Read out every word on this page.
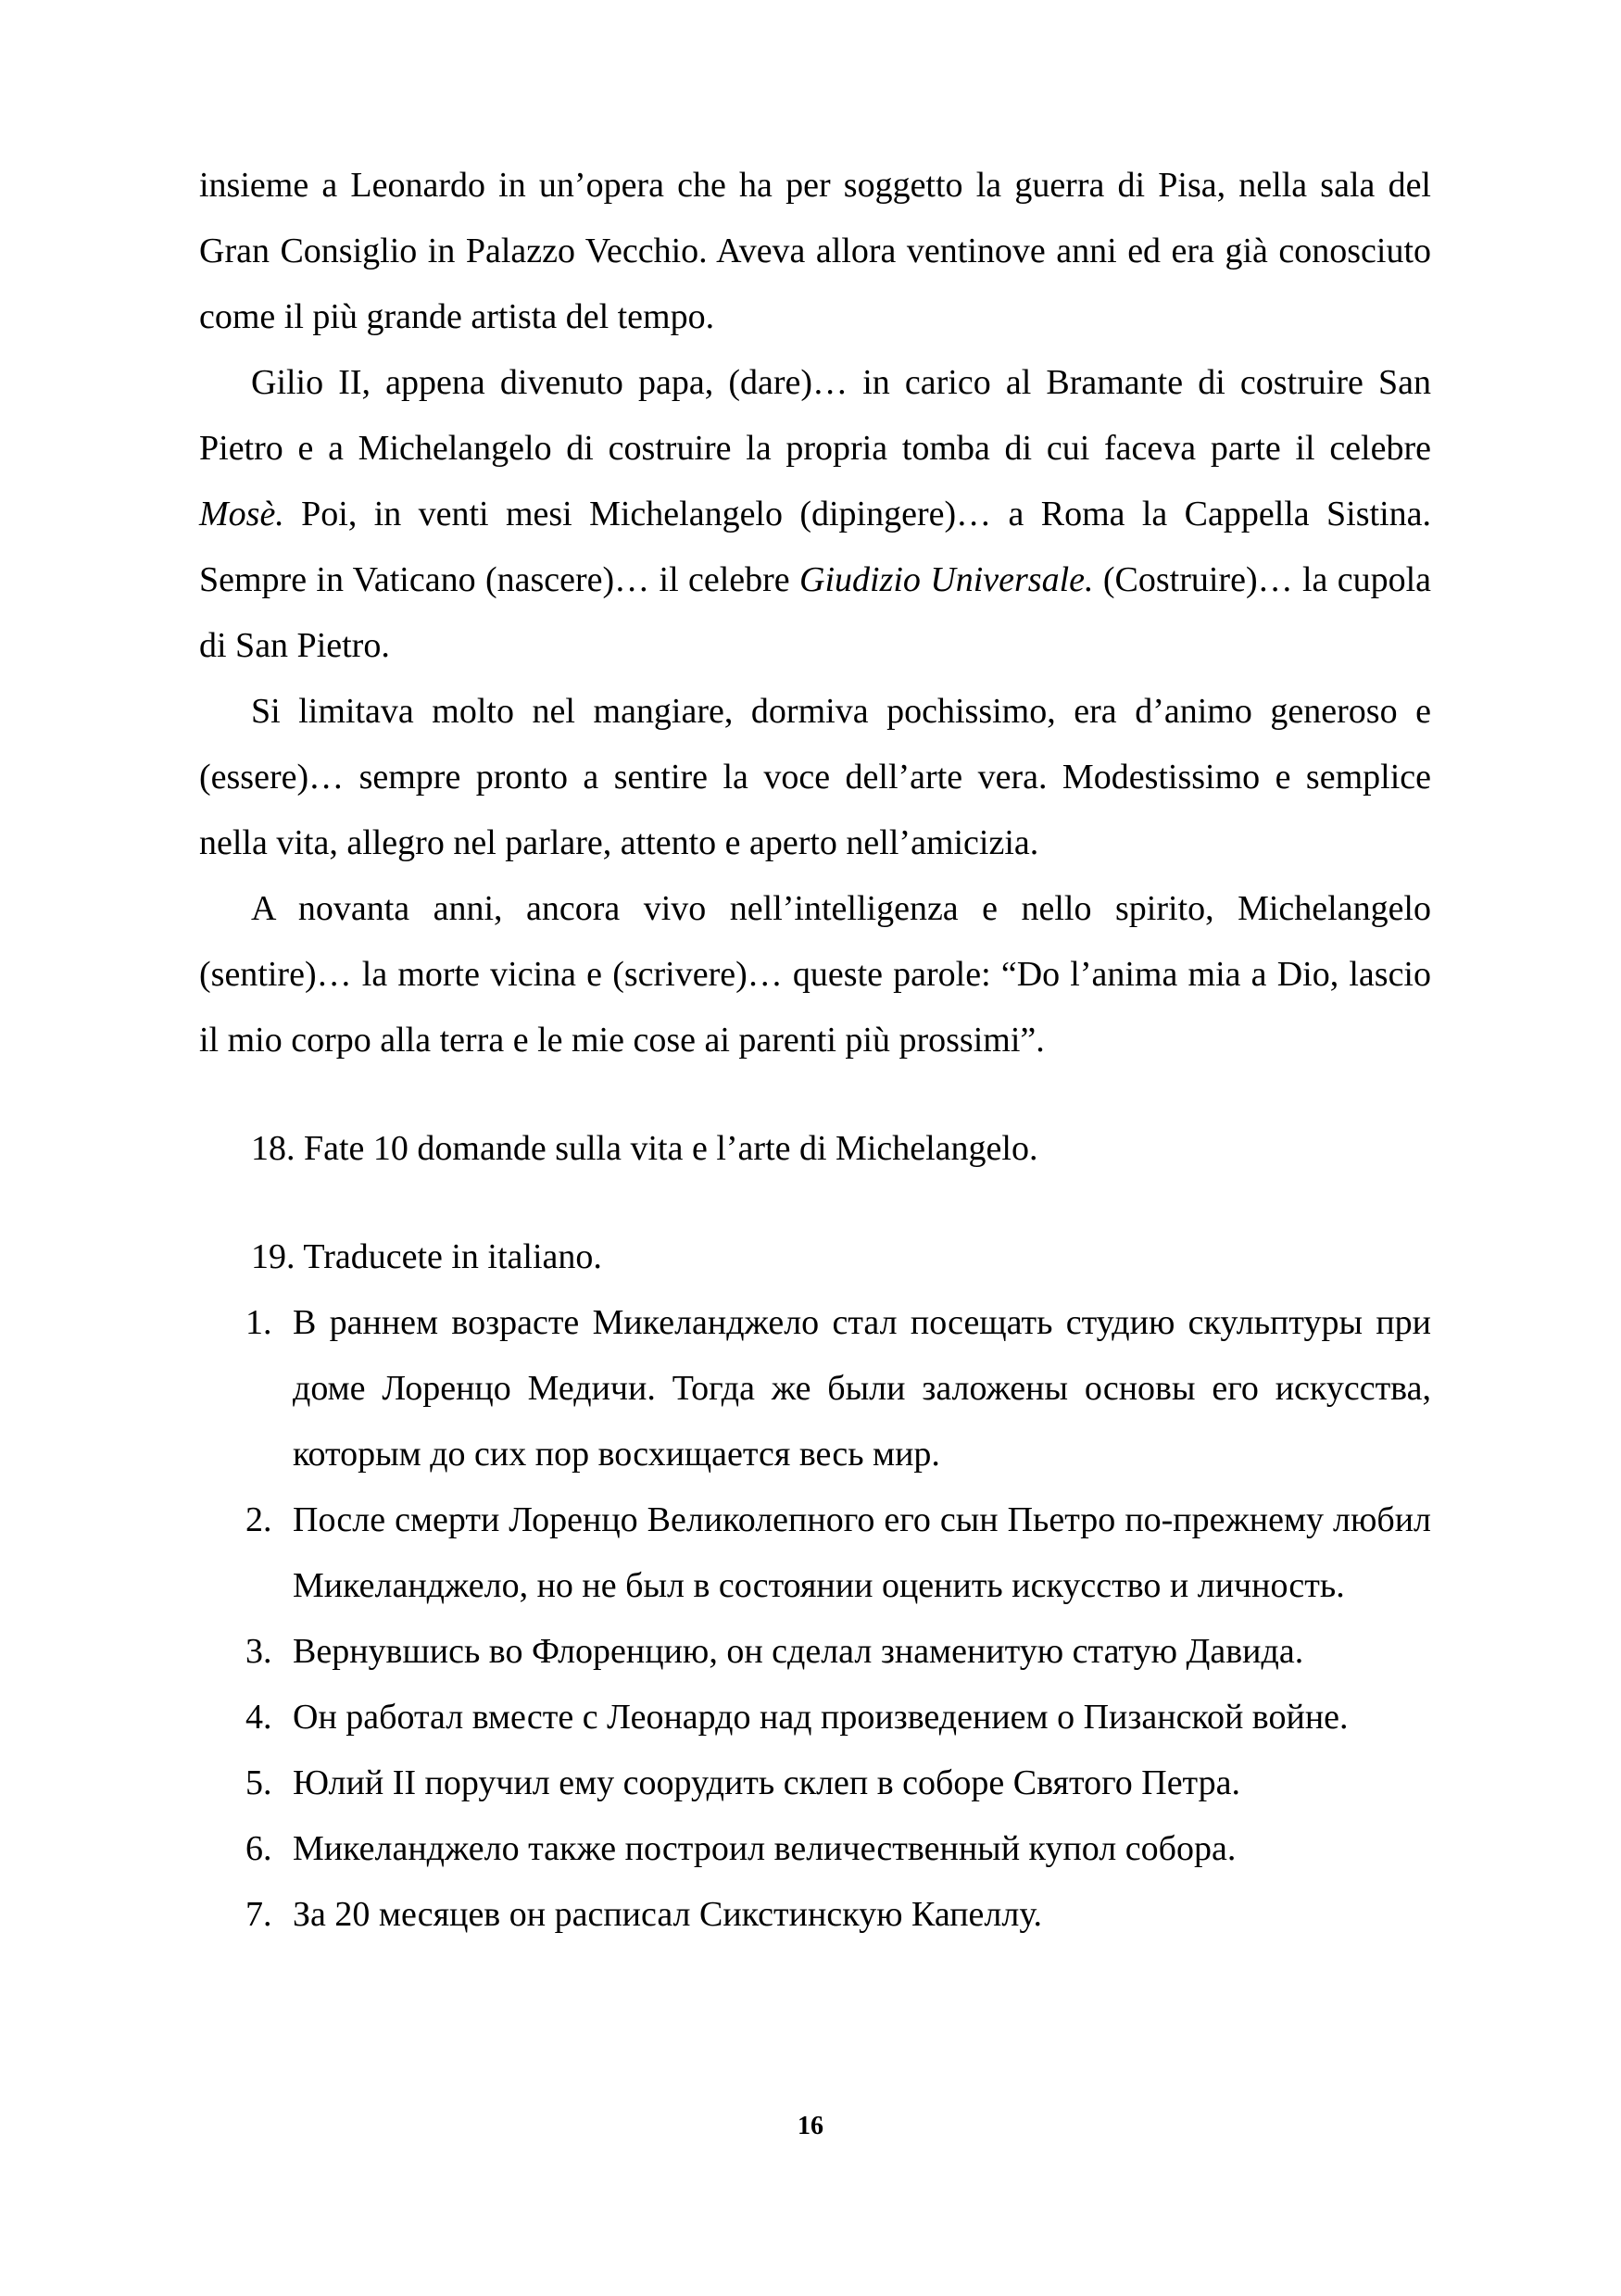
insieme a Leonardo in un’opera che ha per soggetto la guerra di Pisa, nella sala del Gran Consiglio in Palazzo Vecchio. Aveva allora ventinove anni ed era già conosciuto come il più grande artista del tempo.

Gilio II, appena divenuto papa, (dare)… in carico al Bramante di costruire San Pietro e a Michelangelo di costruire la propria tomba di cui faceva parte il celebre Mosè. Poi, in venti mesi Michelangelo (dipingere)… a Roma la Cappella Sistina. Sempre in Vaticano (nascere)… il celebre Giudizio Universale. (Costruire)… la cupola di San Pietro.

Si limitava molto nel mangiare, dormiva pochissimo, era d’animo generoso e (essere)… sempre pronto a sentire la voce dell’arte vera. Modestissimo e semplice nella vita, allegro nel parlare, attento e aperto nell’amicizia.

A novanta anni, ancora vivo nell’intelligenza e nello spirito, Michelangelo (sentire)… la morte vicina e (scrivere)… queste parole: “Do l’anima mia a Dio, lascio il mio corpo alla terra e le mie cose ai parenti più prossimi”.

18. Fate 10 domande sulla vita e l’arte di Michelangelo.

19. Traducete in italiano.

1. В раннем возрасте Микеланджело стал посещать студию скульптуры при доме Лоренцо Медичи. Тогда же были заложены основы его искусства, которым до сих пор восхищается весь мир.
2. После смерти Лоренцо Великолепного его сын Пьетро по-прежнему любил Микеланджело, но не был в состоянии оценить искусство и личность.
3. Вернувшись во Флоренцию, он сделал знаменитую статую Давида.
4. Он работал вместе с Леонардо над произведением о Пизанской войне.
5. Юлий II поручил ему соорудить склеп в соборе Святого Петра.
6. Микеланджело также построил величественный купол собора.
7. За 20 месяцев он расписал Сикстинскую Капеллу.
16
